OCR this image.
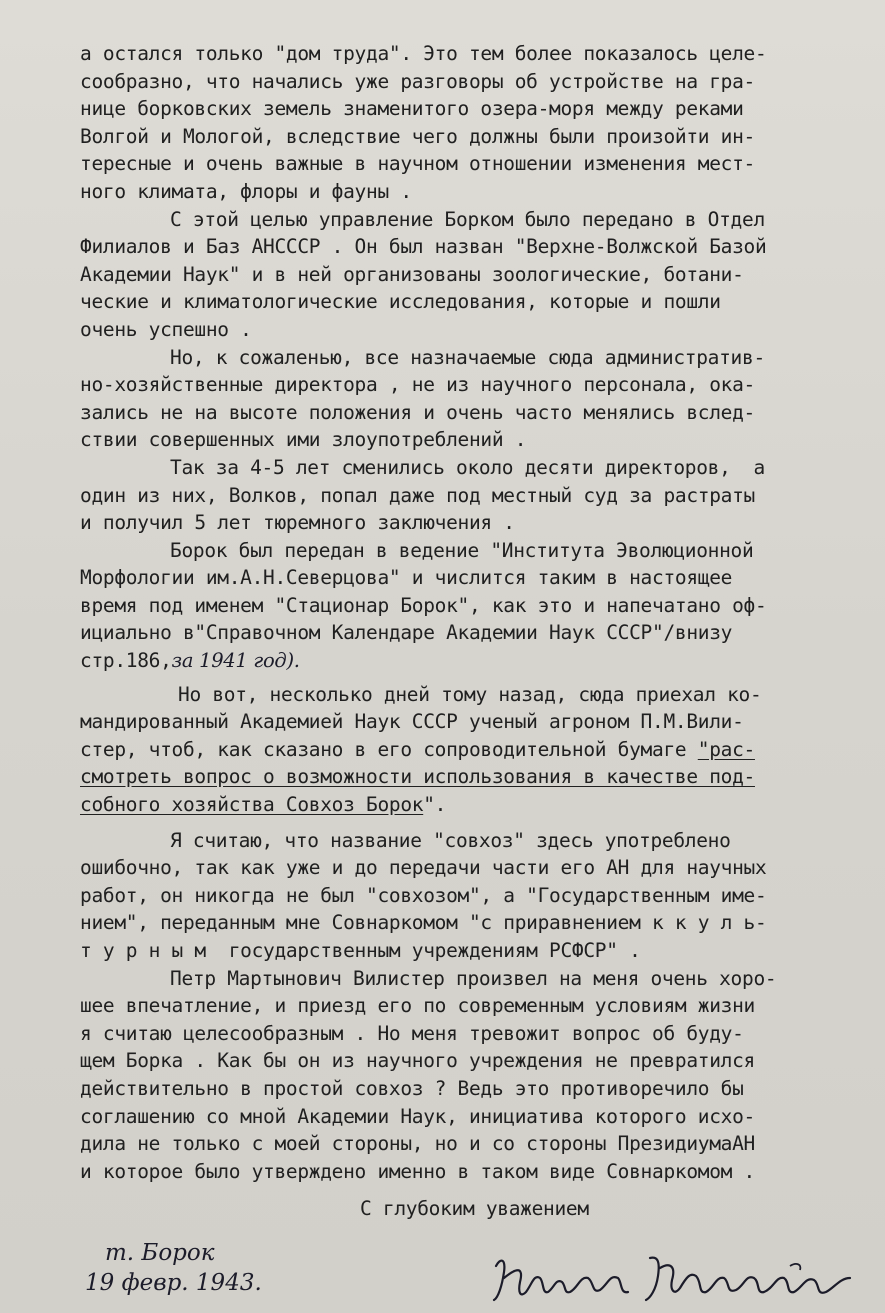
а остался только "дом труда". Это тем более показалось целе-
сообразно, что начались уже разговоры об устройстве на гра-
нице борковских земель знаменитого озера-моря между реками
Волгой и Мологой, вследствие чего должны были произойти ин-
тересные и очень важные в научном отношении изменения мест-
ного климата, флоры и фауны .
С этой целью управление Борком было передано в Отдел
Филиалов и Баз АНСССР . Он был назван "Верхне-Волжской Базой
Академии Наук" и в ней организованы зоологические, ботани-
ческие и климатологические исследования, которые и пошли
очень успешно .
Но, к сожаленью, все назначаемые сюда административ-
но-хозяйственные директора , не из научного персонала, ока-
зались не на высоте положения и очень часто менялись вслед-
ствии совершенных ими злоупотреблений .
Так за 4-5 лет сменились около десяти директоров,  а
один из них, Волков, попал даже под местный суд за растраты
и получил 5 лет тюремного заключения .
Борок был передан в ведение "Института Эволюционной
Морфологии им.А.Н.Северцова" и числится таким в настоящее
время под именем "Стационар Борок", как это и напечатано оф-
ициально в"Справочном Календаре Академии Наук СССР"/внизу
стр.186,за 1941 год).
Но вот, несколько дней тому назад, сюда приехал ко-
мандированный Академией Наук СССР ученый агроном П.М.Вили-
стер, чтоб, как сказано в его сопроводительной бумаге "рас-
смотреть вопрос о возможности использования в качестве под-
собного хозяйства Совхоз Борок".
Я считаю, что название "совхоз" здесь употреблено
ошибочно, так как уже и до передачи части его АН для научных
работ, он никогда не был "совхозом", а "Государственным име-
нием", переданным мне Совнаркомом "с приравнением к к у л ь-
т у р н ы м  государственным учреждениям РСФСР" .
Петр Мартынович Вилистер произвел на меня очень хоро-
шее впечатление, и приезд его по современным условиям жизни
я считаю целесообразным . Но меня тревожит вопрос об буду-
щем Борка . Как бы он из научного учреждения не превратился
действительно в простой совхоз ? Ведь это противоречило бы
соглашению со мной Академии Наук, инициатива которого исхо-
дила не только с моей стороны, но и со стороны ПрезидиумаАН
и которое было утверждено именно в таком виде Совнаркомом .
С глубоким уважением
т. Борок
19 февр. 1943.
